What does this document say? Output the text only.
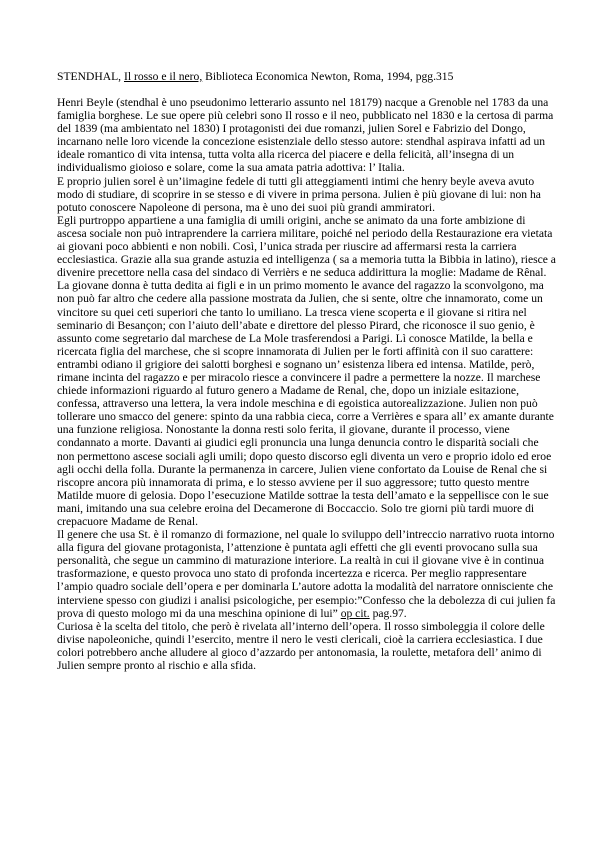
STENDHAL, Il rosso e il nero, Biblioteca Economica Newton, Roma, 1994, pgg.315

Henri Beyle (stendhal è uno pseudonimo letterario assunto nel 18179) nacque a Grenoble nel 1783 da una famiglia borghese. Le sue opere più celebri sono Il rosso e il neo, pubblicato nel 1830 e la certosa di parma del 1839 (ma ambientato nel 1830) I protagonisti dei due romanzi, julien Sorel e Fabrizio del Dongo, incarnano nelle loro vicende la concezione esistenziale dello stesso autore: stendhal aspirava infatti ad un ideale romantico di vita intensa, tutta volta alla ricerca del piacere e della felicità, all’insegna di un individualismo gioioso e solare, come la sua amata patria adottiva: l’ Italia.

E proprio julien sorel è un’iimagine fedele di tutti gli atteggiamenti intimi che henry beyle aveva avuto modo di studiare, di scoprire in se stesso e di vivere in prima persona. Julien è più giovane di lui: non ha potuto conoscere Napoleone di persona, ma è uno dei suoi più grandi ammiratori.

Egli purtroppo appartiene a una famiglia di umili origini, anche se animato da una forte ambizione di ascesa sociale non può intraprendere la carriera militare, poiché nel periodo della Restaurazione era vietata ai giovani poco abbienti e non nobili. Così, l’unica strada per riuscire ad affermarsi resta la carriera ecclesiastica. Grazie alla sua grande astuzia ed intelligenza ( sa a memoria tutta la Bibbia in latino), riesce a divenire precettore nella casa del sindaco di Verrièrs e ne seduca addirittura la moglie: Madame de Rênal. La giovane donna è tutta dedita ai figli e in un primo momento le avance del ragazzo la sconvolgono, ma non può far altro che cedere alla passione mostrata da Julien, che si sente, oltre che innamorato, come un vincitore su quei ceti superiori che tanto lo umiliano. La tresca viene scoperta e il giovane si ritira nel seminario di Besançon; con l’aiuto dell’abate e direttore del plesso Pirard, che riconosce il suo genio, è assunto come segretario dal marchese de La Mole trasferendosi a Parigi. Lì conosce Matilde, la bella e ricercata figlia del marchese, che si scopre innamorata di Julien per le forti affinità con il suo carattere: entrambi odiano il grigiore dei salotti borghesi e sognano un’ esistenza libera ed intensa. Matilde, però, rimane incinta del ragazzo e per miracolo riesce a convincere il padre a permettere la nozze. Il marchese chiede informazioni riguardo al futuro genero a Madame de Renal, che, dopo un iniziale esitazione, confessa, attraverso una lettera, la vera indole meschina e di egoistica autorealizzazione. Julien non può tollerare uno smacco del genere: spinto da una rabbia cieca, corre a Verrières e spara all’ ex amante durante una funzione religiosa. Nonostante la donna resti solo ferita, il giovane, durante il processo, viene condannato a morte. Davanti ai giudici egli pronuncia una lunga denuncia contro le disparità sociali che non permettono ascese sociali agli umili; dopo questo discorso egli diventa un vero e proprio idolo ed eroe agli occhi della folla. Durante la permanenza in carcere, Julien viene confortato da Louise de Renal che si riscopre ancora più innamorata di prima, e lo stesso avviene per il suo aggressore; tutto questo mentre Matilde muore di gelosia. Dopo l’esecuzione Matilde sottrae la testa dell’amato e la seppellisce con le sue mani, imitando una sua celebre eroina del Decamerone di Boccaccio. Solo tre giorni più tardi muore di crepacuore Madame de Renal.

Il genere che usa St. è il romanzo di formazione, nel quale lo sviluppo dell’intreccio narrativo ruota intorno alla figura del giovane protagonista, l’attenzione è puntata agli effetti che gli eventi provocano sulla sua personalità, che segue un cammino di maturazione interiore. La realtà in cui il giovane vive è in continua trasformazione, e questo provoca uno stato di profonda incertezza e ricerca. Per meglio rappresentare l’ampio quadro sociale dell’opera e per dominarla L’autore adotta la modalità del narratore onnisciente che interviene spesso con giudizi i analisi psicologiche, per esempio:”Confesso che la debolezza di cui julien fa prova di questo mologo mi da una meschina opinione di lui” op cit. pag.97.

Curiosa è la scelta del titolo, che però è rivelata all’interno dell’opera. Il rosso simboleggia il colore delle divise napoleoniche, quindi l’esercito, mentre il nero le vesti clericali, cioè la carriera ecclesiastica. I due colori potrebbero anche alludere al gioco d’azzardo per antonomasia, la roulette, metafora dell’ animo di Julien sempre pronto al rischio e alla sfida.
